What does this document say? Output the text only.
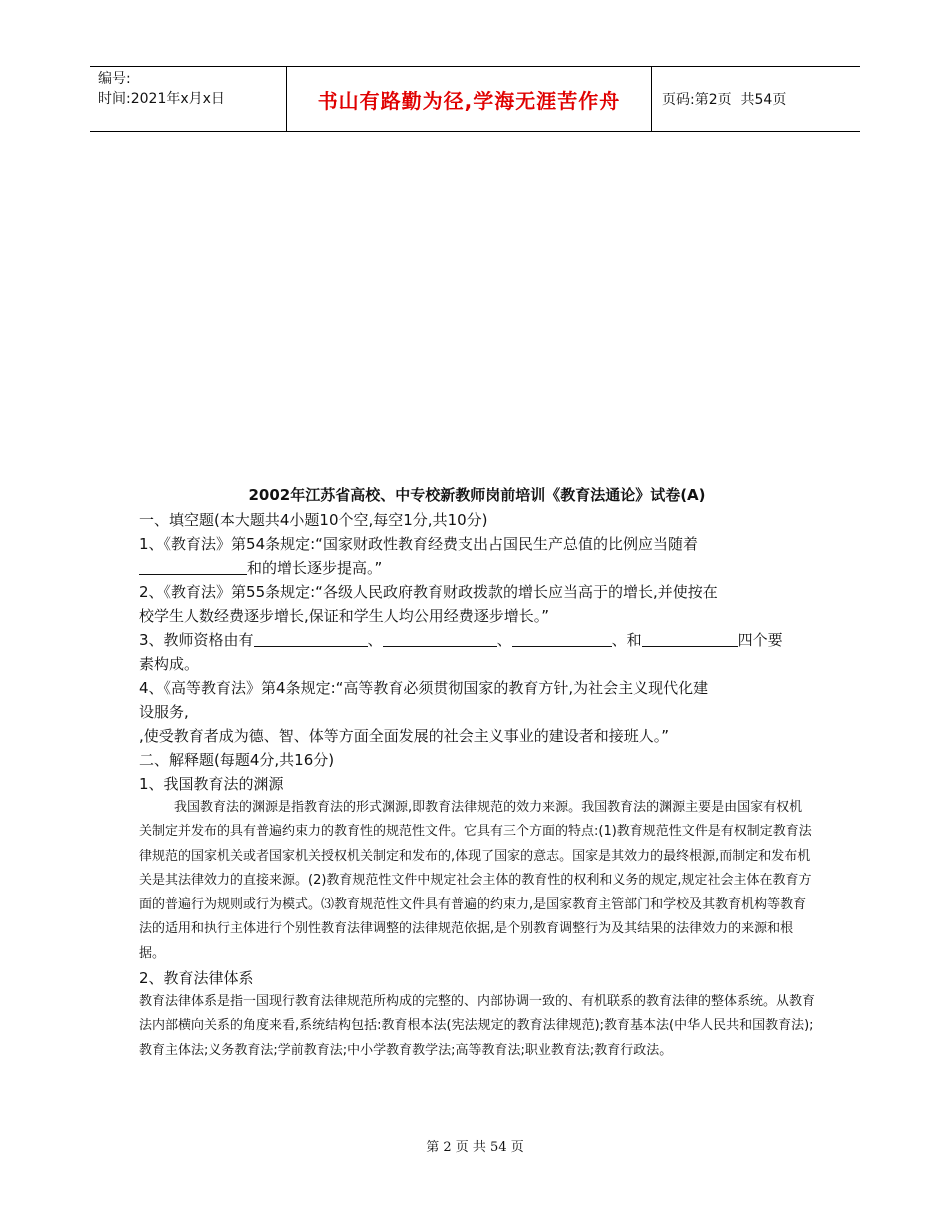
编号:
时间:2021年x月x日	书山有路勤为径,学海无涯苦作舟	页码:第2页  共54页
2002年江苏省高校、中专校新教师岗前培训《教育法通论》试卷(A)
一、填空题(本大题共4小题10个空,每空1分,共10分)
1、《教育法》第54条规定:“国家财政性教育经费支出占国民生产总值的比例应当随着
和的增长逐步提高。”
2、《教育法》第55条规定:“各级人民政府教育财政拨款的增长应当高于的增长,并使按在
校学生人数经费逐步增长,保证和学生人均公用经费逐步增长。”
3、教师资格由有	、	、	、和	四个要
素构成。
4、《高等教育法》第4条规定:“高等教育必须贯彻国家的教育方针,为社会主义现代化建
设服务,
,使受教育者成为德、智、体等方面全面发展的社会主义事业的建设者和接班人。”
二、解释题(每题4分,共16分)
1、我国教育法的渊源
我国教育法的渊源是指教育法的形式渊源,即教育法律规范的效力来源。我国教育法的渊源主要是由国家有权机关制定并发布的具有普遍约束力的教育性的规范性文件。它具有三个方面的特点:(1)教育规范性文件是有权制定教育法律规范的国家机关或者国家机关授权机关制定和发布的,体现了国家的意志。国家是其效力的最终根源,而制定和发布机关是其法律效力的直接来源。(2)教育规范性文件中规定社会主体的教育性的权利和义务的规定,规定社会主体在教育方面的普遍行为规则或行为模式。⑶教育规范性文件具有普遍的约束力,是国家教育主管部门和学校及其教育机构等教育法的适用和执行主体进行个别性教育法律调整的法律规范依据,是个别教育调整行为及其结果的法律效力的来源和根据。
2、教育法律体系
教育法律体系是指一国现行教育法律规范所构成的完整的、内部协调一致的、有机联系的教育法律的整体系统。从教育法内部横向关系的角度来看,系统结构包括:教育根本法(宪法规定的教育法律规范);教育基本法(中华人民共和国教育法);教育主体法;义务教育法;学前教育法;中小学教育教学法;高等教育法;职业教育法;教育行政法。
第 2 页 共 54 页
